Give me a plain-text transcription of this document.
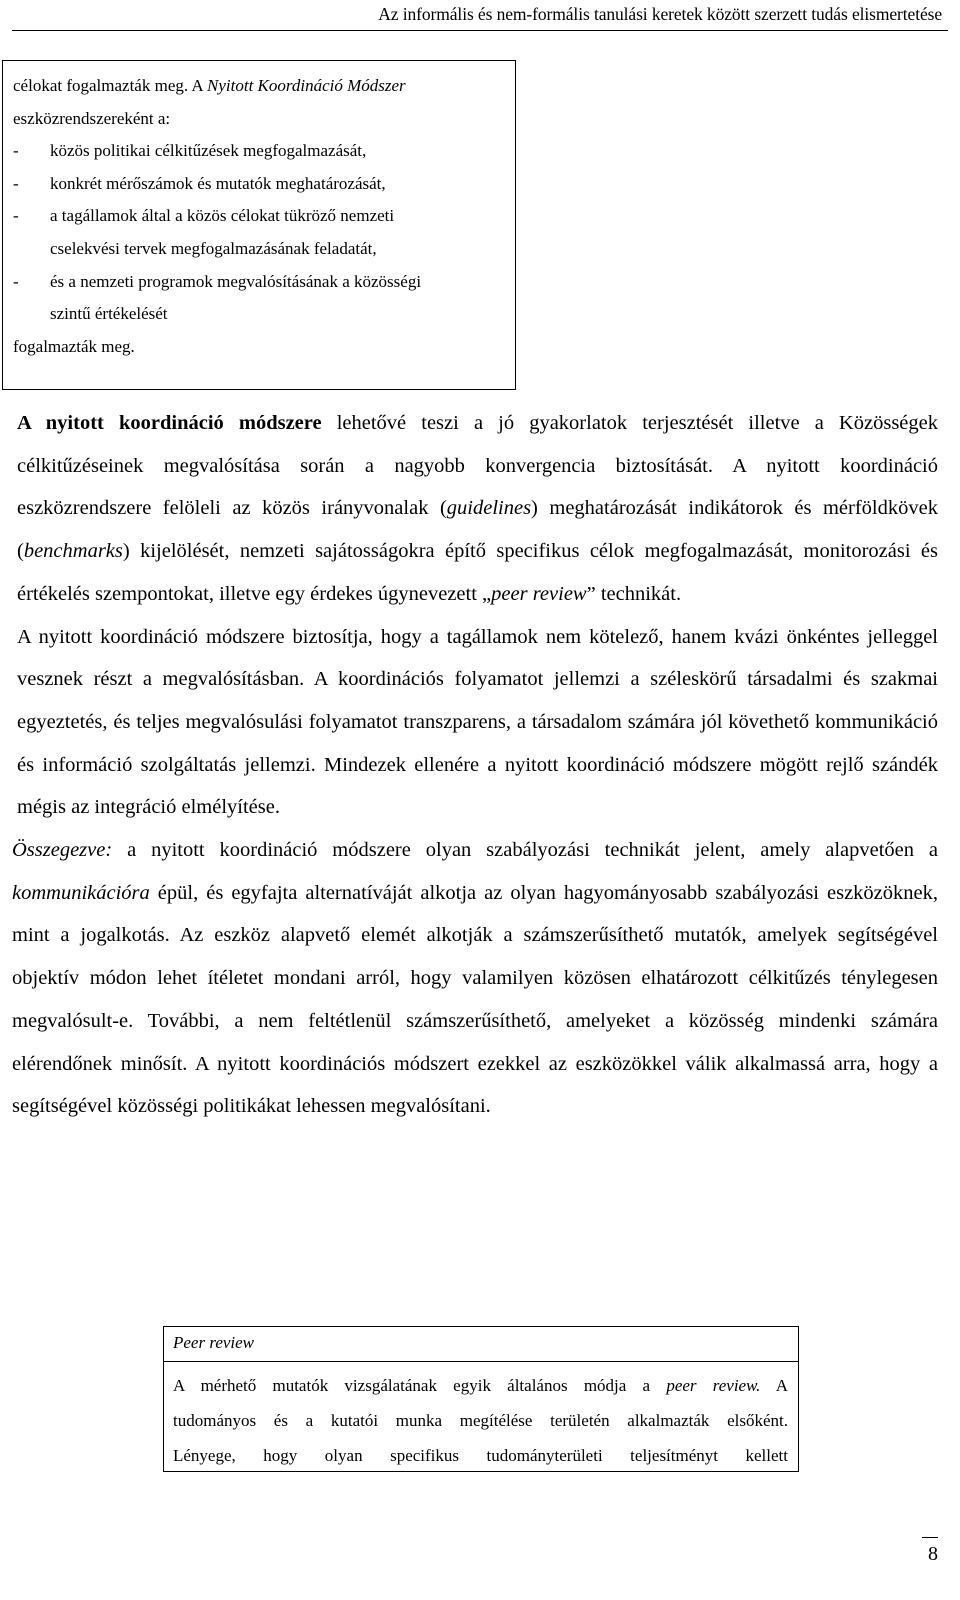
Az informális és nem-formális tanulási keretek között szerzett tudás elismertetése
célokat fogalmazták meg. A Nyitott Koordináció Módszer
eszközrendszereként a:
-	közös politikai célkitűzések megfogalmazását,
-	konkrét mérőszámok és mutatók meghatározását,
-	a tagállamok által a közös célokat tükröző nemzeti
cselekvési tervek megfogalmazásának feladatát,
-	és a nemzeti programok megvalósításának a közösségi
szintű értékelését
fogalmazták meg.

A nyitott koordináció módszere lehetővé teszi a jó gyakorlatok terjesztését illetve a Közösségek célkitűzéseinek megvalósítása során a nagyobb konvergencia biztosítását. A nyitott koordináció eszközrendszere felöleli az közös irányvonalak (guidelines) meghatározását indikátorok és mérföldkövek (benchmarks) kijelölését, nemzeti sajátosságokra építő specifikus célok megfogalmazását, monitorozási és értékelés szempontokat, illetve egy érdekes úgynevezett „peer review” technikát.

A nyitott koordináció módszere biztosítja, hogy a tagállamok nem kötelező, hanem kvázi önkéntes jelleggel vesznek részt a megvalósításban. A koordinációs folyamatot jellemzi a széleskörű társadalmi és szakmai egyeztetés, és teljes megvalósulási folyamatot transzparens, a társadalom számára jól követhető kommunikáció és információ szolgáltatás jellemzi. Mindezek ellenére a nyitott koordináció módszere mögött rejlő szándék mégis az integráció elmélyítése.

Összegezve: a nyitott koordináció módszere olyan szabályozási technikát jelent, amely alapvetően a kommunikációra épül, és egyfajta alternatíváját alkotja az olyan hagyományosabb szabályozási eszközöknek, mint a jogalkotás. Az eszköz alapvető elemét alkotják a számszerűsíthető mutatók, amelyek segítségével objektív módon lehet ítéletet mondani arról, hogy valamilyen közösen elhatározott célkitűzés ténylegesen megvalósult-e. További, a nem feltétlenül számszerűsíthető, amelyeket a közösség mindenki számára elérendőnek minősít. A nyitott koordinációs módszert ezekkel az eszközökkel válik alkalmassá arra, hogy a segítségével közösségi politikákat lehessen megvalósítani.

Peer review
A mérhető mutatók vizsgálatának egyik általános módja a peer review. A
tudományos és a kutatói munka megítélése területén alkalmazták elsőként.
Lényege, hogy olyan specifikus tudományterületi teljesítményt kellett
8
